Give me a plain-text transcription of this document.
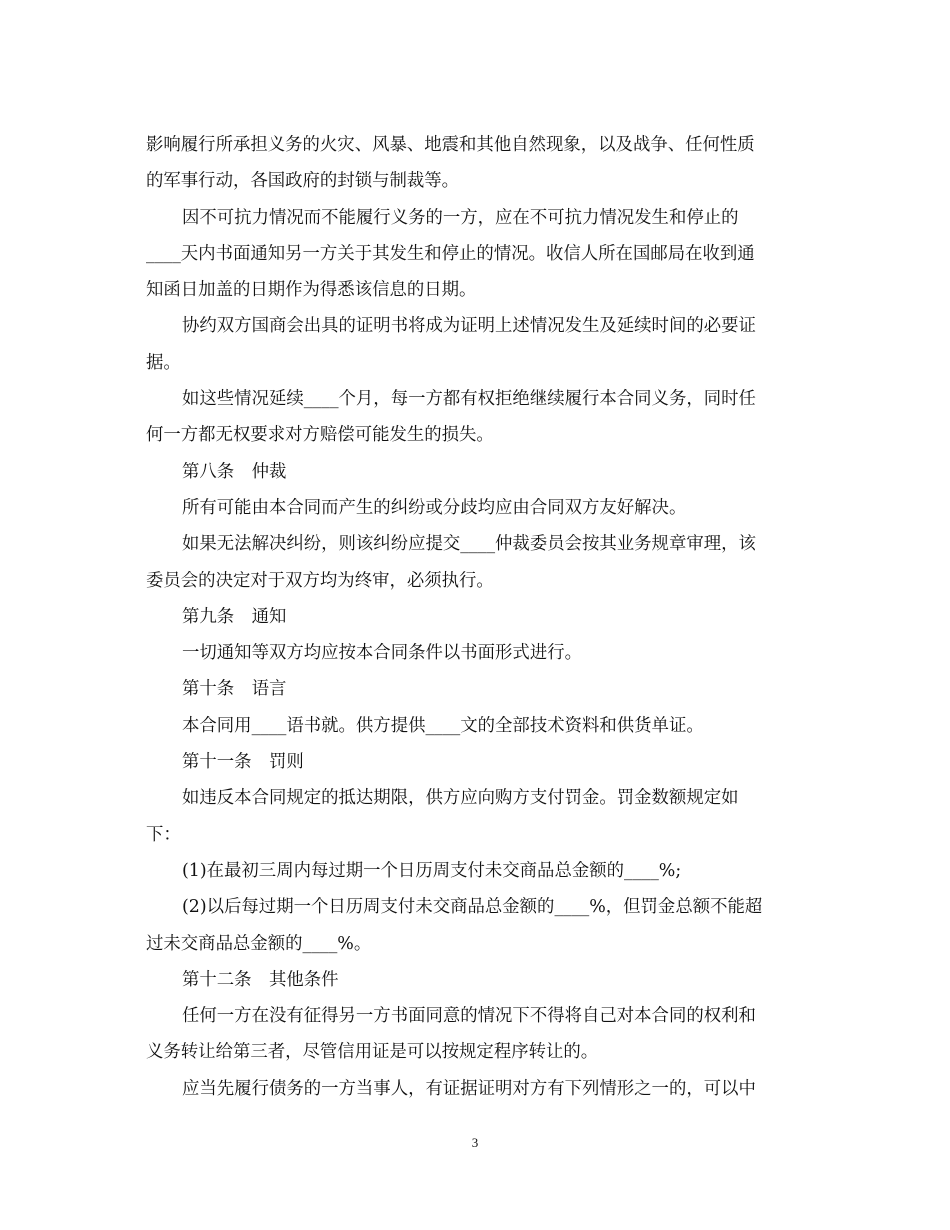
影响履行所承担义务的火灾、风暴、地震和其他自然现象，以及战争、任何性质
的军事行动，各国政府的封锁与制裁等。
因不可抗力情况而不能履行义务的一方，应在不可抗力情况发生和停止的
____天内书面通知另一方关于其发生和停止的情况。收信人所在国邮局在收到通
知函日加盖的日期作为得悉该信息的日期。
协约双方国商会出具的证明书将成为证明上述情况发生及延续时间的必要证
据。
如这些情况延续____个月，每一方都有权拒绝继续履行本合同义务，同时任
何一方都无权要求对方赔偿可能发生的损失。
第八条　仲裁
所有可能由本合同而产生的纠纷或分歧均应由合同双方友好解决。
如果无法解决纠纷，则该纠纷应提交____仲裁委员会按其业务规章审理，该
委员会的决定对于双方均为终审，必须执行。
第九条　通知
一切通知等双方均应按本合同条件以书面形式进行。
第十条　语言
本合同用____语书就。供方提供____文的全部技术资料和供货单证。
第十一条　罚则
如违反本合同规定的抵达期限，供方应向购方支付罚金。罚金数额规定如
下：
(1)在最初三周内每过期一个日历周支付未交商品总金额的____%;
(2)以后每过期一个日历周支付未交商品总金额的____%，但罚金总额不能超
过未交商品总金额的____%。
第十二条　其他条件
任何一方在没有征得另一方书面同意的情况下不得将自己对本合同的权利和
义务转让给第三者，尽管信用证是可以按规定程序转让的。
应当先履行债务的一方当事人，有证据证明对方有下列情形之一的，可以中
3
